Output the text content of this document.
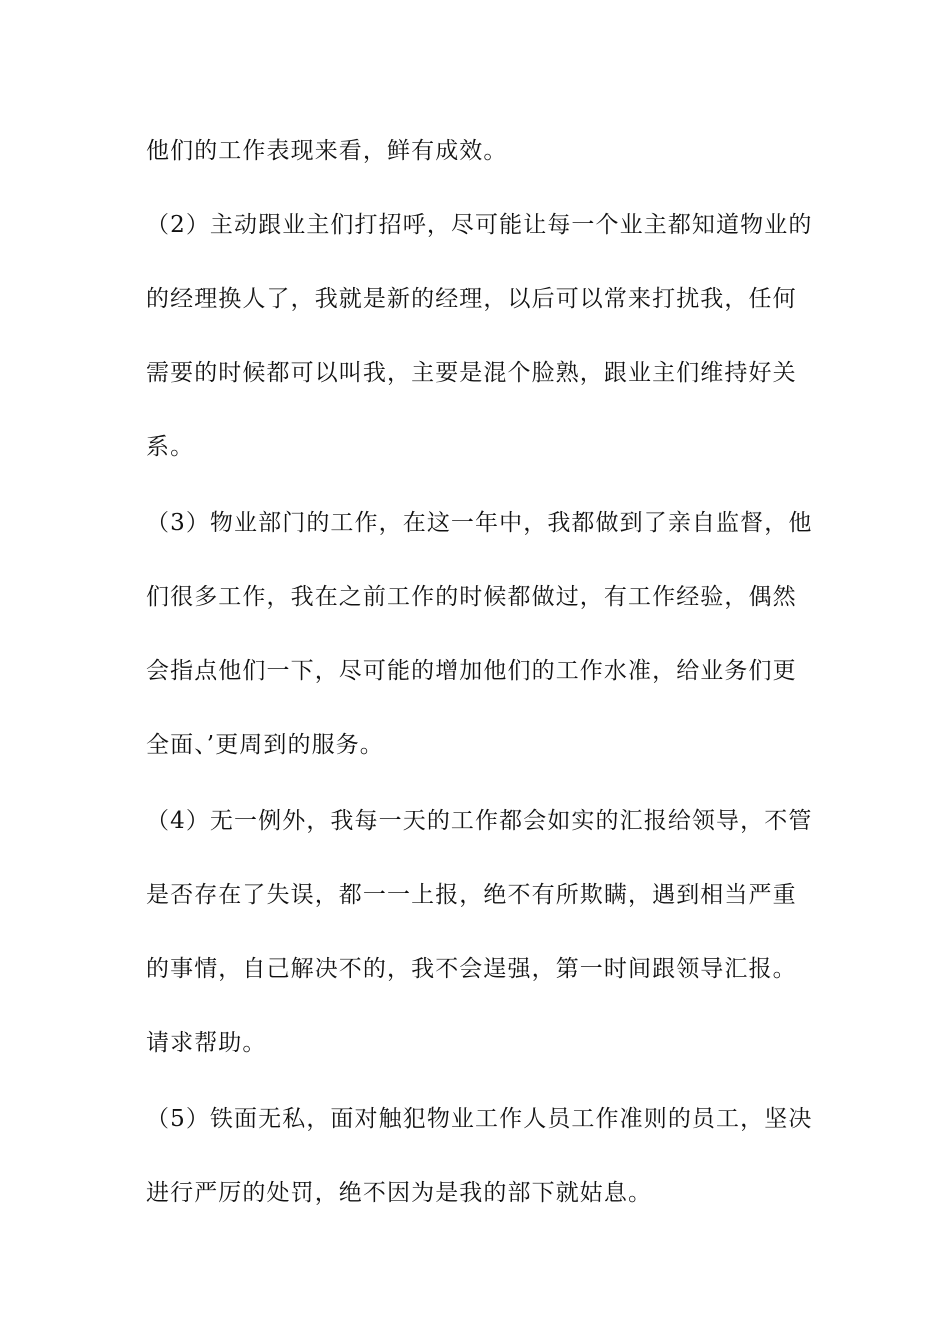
他们的工作表现来看，鲜有成效。
（2）主动跟业主们打招呼，尽可能让每一个业主都知道物业的
的经理换人了，我就是新的经理，以后可以常来打扰我，任何
需要的时候都可以叫我，主要是混个脸熟，跟业主们维持好关
系。
（3）物业部门的工作，在这一年中，我都做到了亲自监督，他
们很多工作，我在之前工作的时候都做过，有工作经验，偶然
会指点他们一下，尽可能的增加他们的工作水准，给业务们更
全面、’更周到的服务。
（4）无一例外，我每一天的工作都会如实的汇报给领导，不管
是否存在了失误，都一一上报，绝不有所欺瞒，遇到相当严重
的事情，自己解决不的，我不会逞强，第一时间跟领导汇报。
请求帮助。
（5）铁面无私，面对触犯物业工作人员工作准则的员工，坚决
进行严厉的处罚，绝不因为是我的部下就姑息。
